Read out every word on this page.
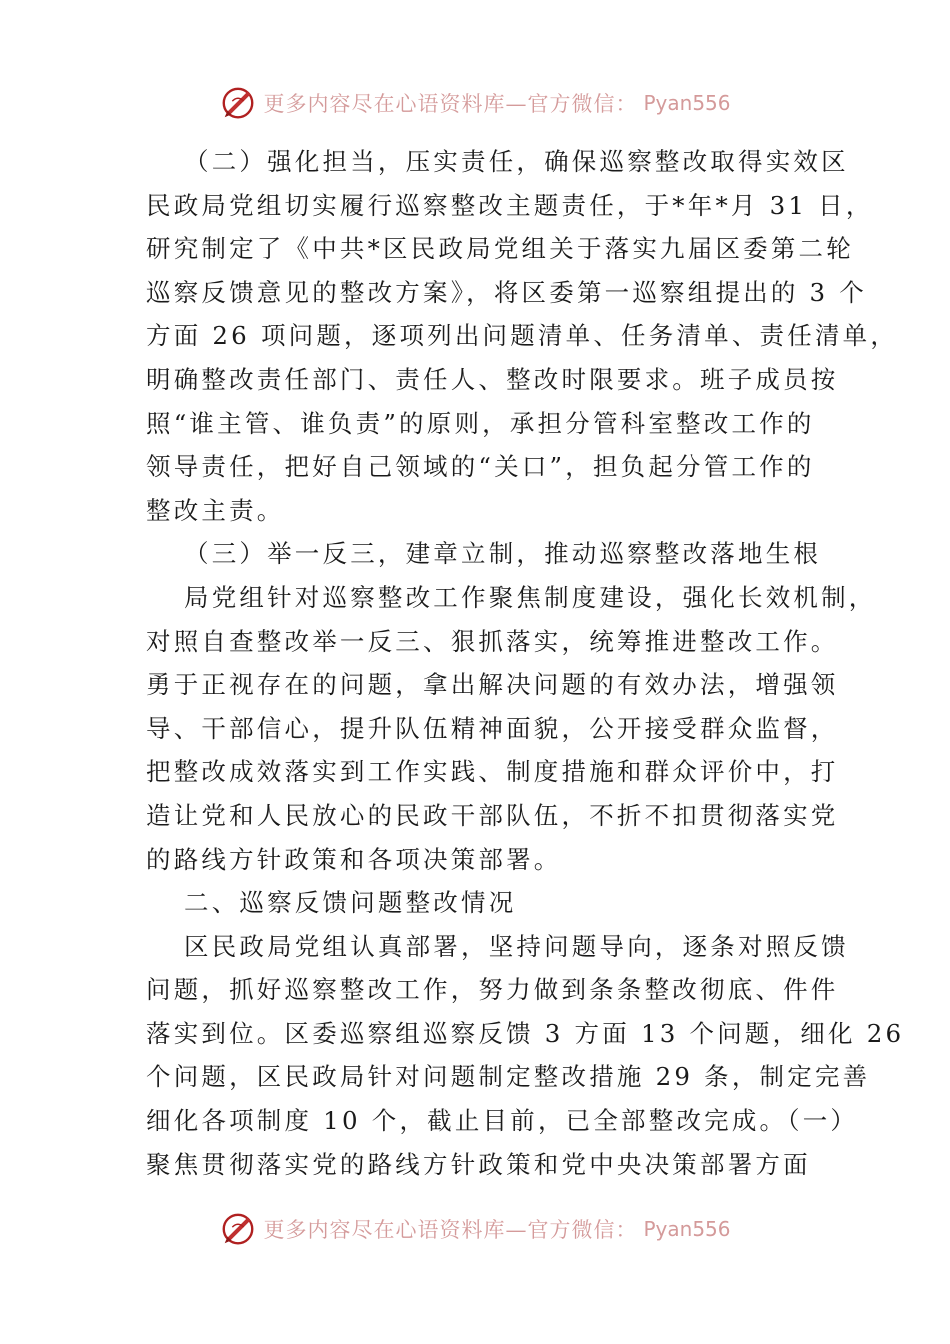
更多内容尽在心语资料库—官方微信： Pyan556
（二）强化担当，压实责任，确保巡察整改取得实效区
民政局党组切实履行巡察整改主题责任，于*年*月 31 日，
研究制定了《中共*区民政局党组关于落实九届区委第二轮
巡察反馈意见的整改方案》，将区委第一巡察组提出的 3 个
方面 26 项问题，逐项列出问题清单、任务清单、责任清单，
明确整改责任部门、责任人、整改时限要求。班子成员按
照“谁主管、谁负责”的原则，承担分管科室整改工作的
领导责任，把好自己领域的“关口”，担负起分管工作的
整改主责。
（三）举一反三，建章立制，推动巡察整改落地生根
局党组针对巡察整改工作聚焦制度建设，强化长效机制，
对照自查整改举一反三、狠抓落实，统筹推进整改工作。
勇于正视存在的问题，拿出解决问题的有效办法，增强领
导、干部信心，提升队伍精神面貌，公开接受群众监督，
把整改成效落实到工作实践、制度措施和群众评价中，打
造让党和人民放心的民政干部队伍，不折不扣贯彻落实党
的路线方针政策和各项决策部署。
二、巡察反馈问题整改情况
区民政局党组认真部署，坚持问题导向，逐条对照反馈
问题，抓好巡察整改工作，努力做到条条整改彻底、件件
落实到位。区委巡察组巡察反馈 3 方面 13 个问题，细化 26
个问题，区民政局针对问题制定整改措施 29 条，制定完善
细化各项制度 10 个，截止目前，已全部整改完成。（一）
聚焦贯彻落实党的路线方针政策和党中央决策部署方面
更多内容尽在心语资料库—官方微信： Pyan556
